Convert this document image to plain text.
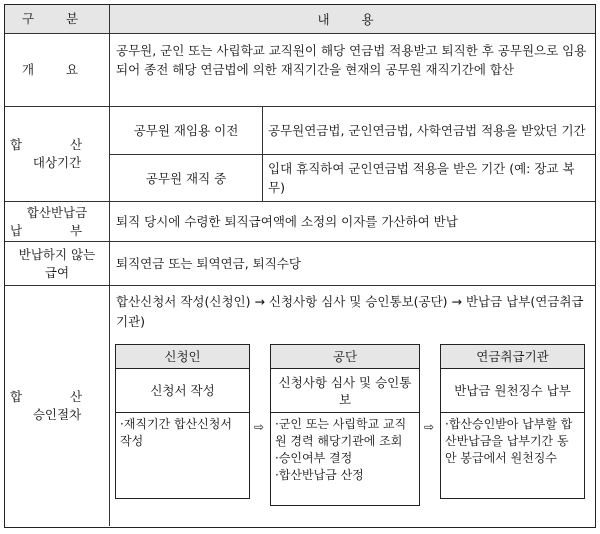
구 분	내 용
개 요
공무원, 군인 또는 사립학교 교직원이 해당 연금법 적용받고 퇴직한 후 공무원으로 임용되어 종전 해당 연금법에 의한 재직기간을 현재의 공무원 재직기간에 합산
합 산
대상기간
공무원 재임용 이전	공무원연금법, 군인연금법, 사학연금법 적용을 받았던 기간
공무원 재직 중
입대 휴직하여 군인연금법 적용을 받은 기간 (예: 장교 복무)
합산반납금
납 부
퇴직 당시에 수령한 퇴직급여액에 소정의 이자를 가산하여 반납
반납하지 않는
급여
퇴직연금 또는 퇴역연금, 퇴직수당
합 산
승인절차
합산신청서 작성(신청인) → 신청사항 심사 및 승인통보(공단) → 반납금 납부(연금취급기관)
신청인
신청서 작성
·재직기간 합산신청서 작성
⇨
공단
신청사항 심사 및 승인통보
·군인 또는 사립학교 교직원 경력 해당기관에 조회
·승인여부 결정
·합산반납금 산정
⇨
연금취급기관
반납금 원천징수 납부
·합산승인받아 납부할 합산반납금을 납부기간 동안 봉급에서 원천징수
